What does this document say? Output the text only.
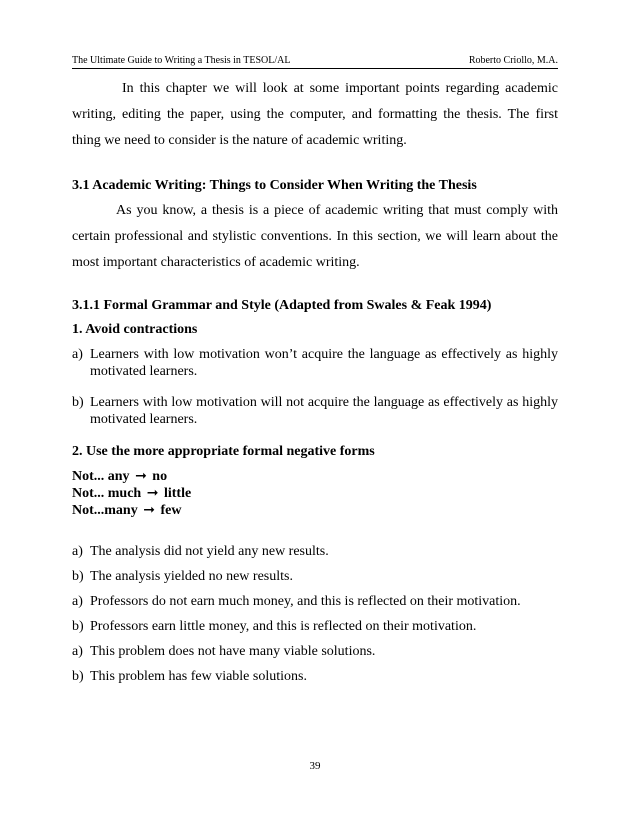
The Ultimate Guide to Writing a Thesis in TESOL/AL	Roberto Criollo, M.A.

In this chapter we will look at some important points regarding academic writing, editing the paper, using the computer, and formatting the thesis. The first thing we need to consider is the nature of academic writing.

3.1 Academic Writing: Things to Consider When Writing the Thesis

As you know, a thesis is a piece of academic writing that must comply with certain professional and stylistic conventions. In this section, we will learn about the most important characteristics of academic writing.

3.1.1 Formal Grammar and Style (Adapted from Swales & Feak 1994)

1. Avoid contractions

a) Learners with low motivation won’t acquire the language as effectively as highly motivated learners.
b) Learners with low motivation will not acquire the language as effectively as highly motivated learners.

2. Use the more appropriate formal negative forms

Not... any ➞ no

Not... much ➞ little

Not...many ➞ few

a) The analysis did not yield any new results.
b) The analysis yielded no new results.
a) Professors do not earn much money, and this is reflected on their motivation.
b) Professors earn little money, and this is reflected on their motivation.
a) This problem does not have many viable solutions.
b) This problem has few viable solutions.
39
